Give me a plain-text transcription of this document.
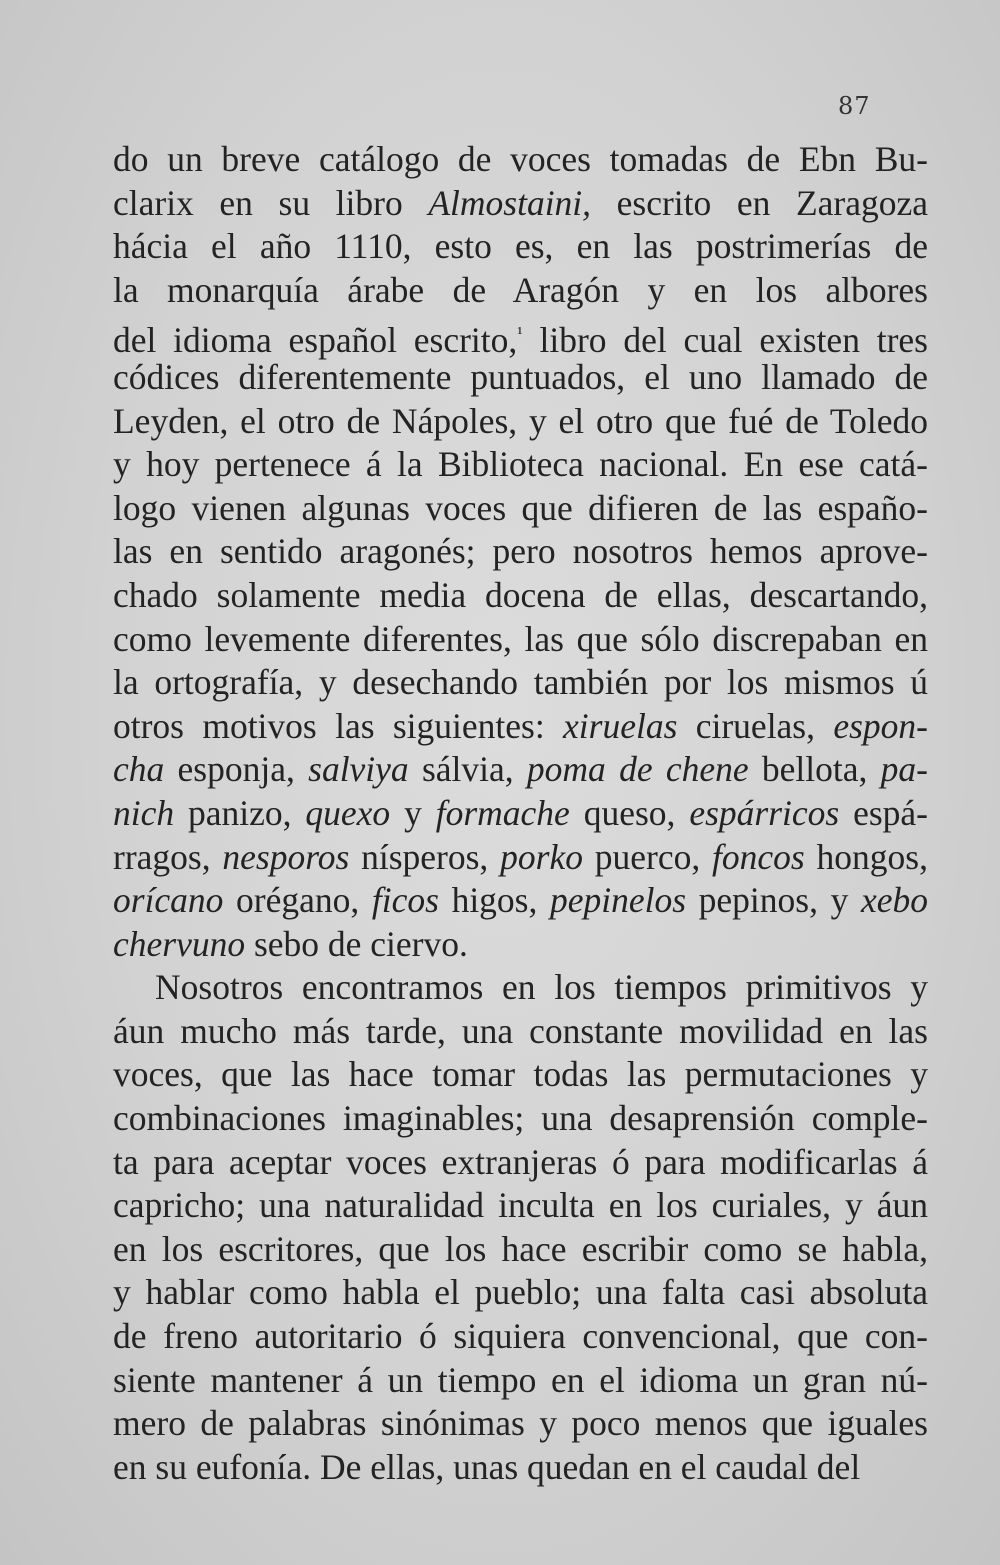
87
do un breve catálogo de voces tomadas de Ebn Bu-
clarix en su libro Almostaini, escrito en Zaragoza
hácia el año 1110, esto es, en las postrimerías de
la monarquía árabe de Aragón y en los albores
del idioma español escrito,$^{^1}$ libro del cual existen tres
códices diferentemente puntuados, el uno llamado de
Leyden, el otro de Nápoles, y el otro que fué de Toledo
y hoy pertenece á la Biblioteca nacional. En ese catá-
logo vienen algunas voces que difieren de las españo-
las en sentido aragonés; pero nosotros hemos aprove-
chado solamente media docena de ellas, descartando,
como levemente diferentes, las que sólo discrepaban en
la ortografía, y desechando también por los mismos ú
otros motivos las siguientes: xiruelas ciruelas, espon-
cha esponja, salviya sálvia, poma de chene bellota, pa-
nich panizo, quexo y formache queso, espárricos espá-
rragos, nesporos nísperos, porko puerco, foncos hongos,
orícano orégano, ficos higos, pepinelos pepinos, y xebo
chervuno sebo de ciervo.
Nosotros encontramos en los tiempos primitivos y
áun mucho más tarde, una constante movilidad en las
voces, que las hace tomar todas las permutaciones y
combinaciones imaginables; una desaprensión comple-
ta para aceptar voces extranjeras ó para modificarlas á
capricho; una naturalidad inculta en los curiales, y áun
en los escritores, que los hace escribir como se habla,
y hablar como habla el pueblo; una falta casi absoluta
de freno autoritario ó siquiera convencional, que con-
siente mantener á un tiempo en el idioma un gran nú-
mero de palabras sinónimas y poco menos que iguales
en su eufonía. De ellas, unas quedan en el caudal del
